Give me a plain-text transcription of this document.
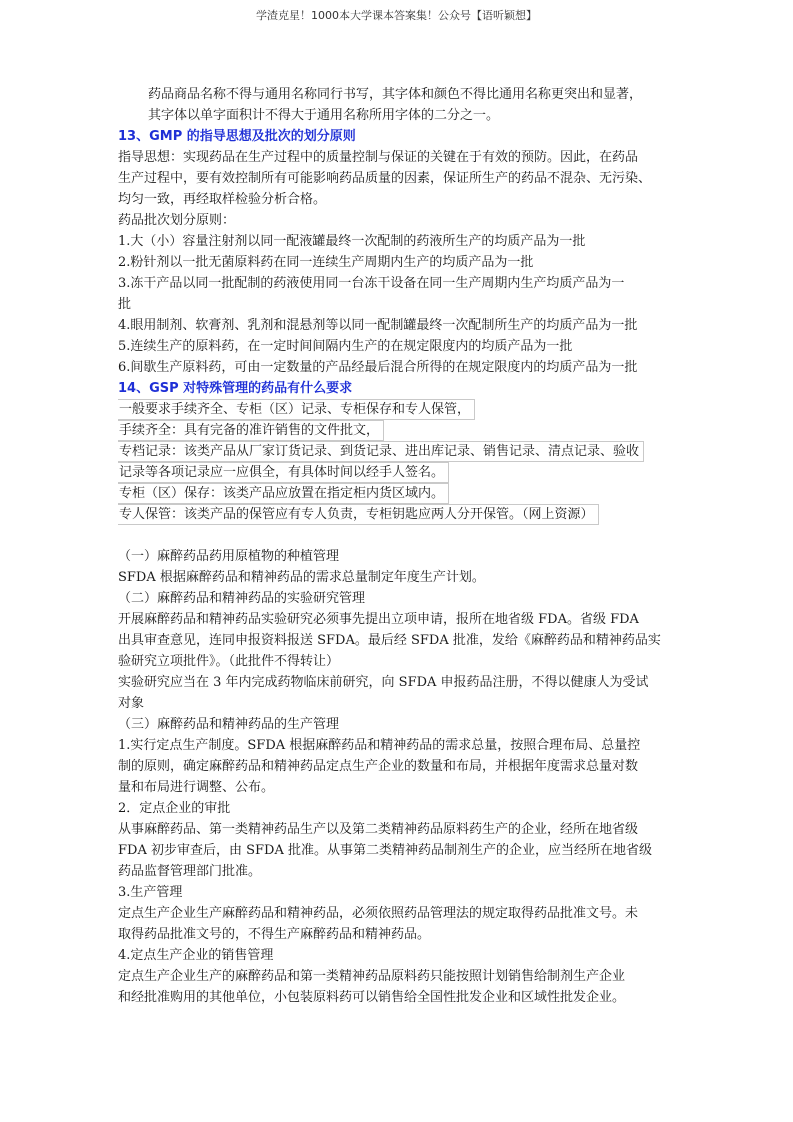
学渣克星！1000本大学课本答案集！公众号【语听颖想】
药品商品名称不得与通用名称同行书写，其字体和颜色不得比通用名称更突出和显著，
其字体以单字面积计不得大于通用名称所用字体的二分之一。
13、GMP 的指导思想及批次的划分原则
指导思想：实现药品在生产过程中的质量控制与保证的关键在于有效的预防。因此，在药品
生产过程中，要有效控制所有可能影响药品质量的因素，保证所生产的药品不混杂、无污染、
均匀一致，再经取样检验分析合格。
药品批次划分原则：
1.大（小）容量注射剂以同一配液罐最终一次配制的药液所生产的均质产品为一批
2.粉针剂以一批无菌原料药在同一连续生产周期内生产的均质产品为一批
3.冻干产品以同一批配制的药液使用同一台冻干设备在同一生产周期内生产均质产品为一
批
4.眼用制剂、软膏剂、乳剂和混悬剂等以同一配制罐最终一次配制所生产的均质产品为一批
5.连续生产的原料药，在一定时间间隔内生产的在规定限度内的均质产品为一批
6.间歇生产原料药，可由一定数量的产品经最后混合所得的在规定限度内的均质产品为一批
14、GSP 对特殊管理的药品有什么要求
一般要求手续齐全、专柜（区）记录、专柜保存和专人保管，
手续齐全：具有完备的准许销售的文件批文，
专档记录：该类产品从厂家订货记录、到货记录、进出库记录、销售记录、清点记录、验收
记录等各项记录应一应俱全，有具体时间以经手人签名。
专柜（区）保存：该类产品应放置在指定柜内货区域内。
专人保管：该类产品的保管应有专人负责，专柜钥匙应两人分开保管。（网上资源）
（一）麻醉药品药用原植物的种植管理
SFDA 根据麻醉药品和精神药品的需求总量制定年度生产计划。
（二）麻醉药品和精神药品的实验研究管理
开展麻醉药品和精神药品实验研究必须事先提出立项申请，报所在地省级 FDA。省级 FDA
出具审查意见，连同申报资料报送 SFDA。最后经 SFDA 批准，发给《麻醉药品和精神药品实
验研究立项批件》。（此批件不得转让）
实验研究应当在 3 年内完成药物临床前研究，向 SFDA 申报药品注册，不得以健康人为受试
对象
（三）麻醉药品和精神药品的生产管理
1.实行定点生产制度。SFDA 根据麻醉药品和精神药品的需求总量，按照合理布局、总量控
制的原则，确定麻醉药品和精神药品定点生产企业的数量和布局，并根据年度需求总量对数
量和布局进行调整、公布。
2．定点企业的审批
从事麻醉药品、第一类精神药品生产以及第二类精神药品原料药生产的企业，经所在地省级
FDA 初步审查后，由 SFDA 批准。从事第二类精神药品制剂生产的企业，应当经所在地省级
药品监督管理部门批准。
3.生产管理
定点生产企业生产麻醉药品和精神药品，必须依照药品管理法的规定取得药品批准文号。未
取得药品批准文号的，不得生产麻醉药品和精神药品。
4.定点生产企业的销售管理
定点生产企业生产的麻醉药品和第一类精神药品原料药只能按照计划销售给制剂生产企业
和经批准购用的其他单位，小包装原料药可以销售给全国性批发企业和区域性批发企业。
